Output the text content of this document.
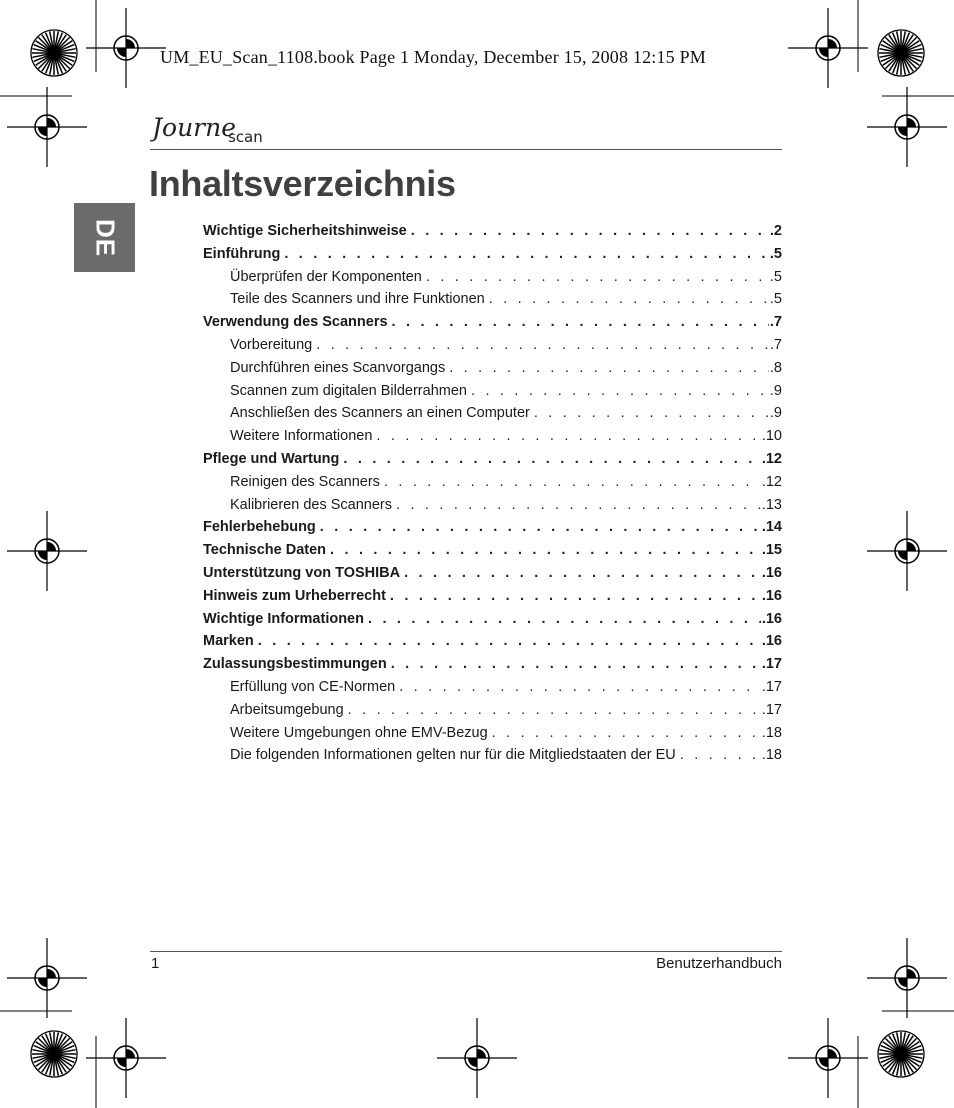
UM_EU_Scan_1108.book Page 1 Monday, December 15, 2008 12:15 PM
Journe
scan
Inhaltsverzeichnis
DE	Wichtige Sicherheitshinweise . . .	.2
Einführung . . .	.5
Überprüfen der Komponenten . . .	.5
Teile des Scanners und ihre Funktionen . . .	.5
Verwendung des Scanners . . .	.7
Vorbereitung . . .	.7
Durchführen eines Scanvorgangs . . .	.8
Scannen zum digitalen Bilderrahmen . . .	.9
Anschließen des Scanners an einen Computer . . .	.9
Weitere Informationen . . .	.10
Pflege und Wartung . . .	.12
Reinigen des Scanners . . .	.12
Kalibrieren des Scanners . . .	.13
Fehlerbehebung . . .	.14
Technische Daten . . .	.15
Unterstützung von TOSHIBA . . .	.16
Hinweis zum Urheberrecht . . .	.16
Wichtige Informationen . . .	.16
Marken . . .	.16
Zulassungsbestimmungen . . .	.17
Erfüllung von CE-Normen . . .	.17
Arbeitsumgebung . . .	.17
Weitere Umgebungen ohne EMV-Bezug . . .	.18
Die folgenden Informationen gelten nur für die Mitgliedstaaten der EU . . .	.18
1	Benutzerhandbuch
